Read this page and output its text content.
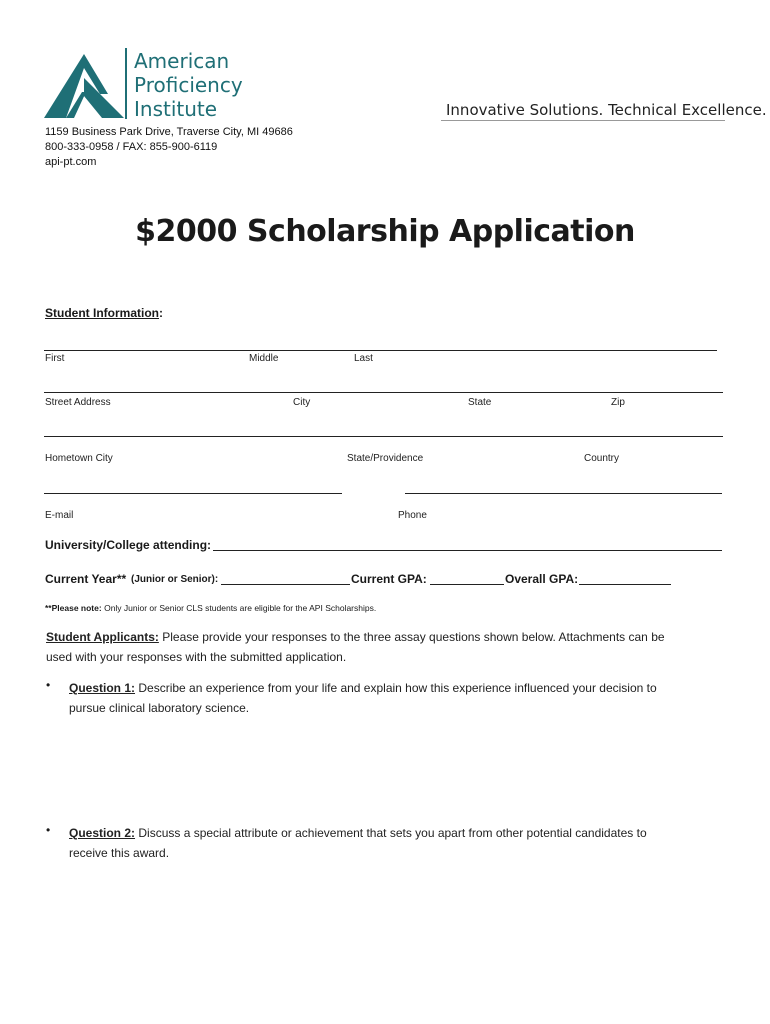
American
Proficiency
Institute	Innovative Solutions. Technical Excellence.
1159 Business Park Drive, Traverse City, MI 49686
800-333-0958 / FAX: 855-900-6119
api-pt.com
$2000 Scholarship Application
Student Information:
First	Middle	Last
Street Address	City	State	Zip
Hometown City	State/Providence	Country
E-mail	Phone
University/College attending:
Current Year** (Junior or Senior):	Current GPA:	Overall GPA:
**Please note: Only Junior or Senior CLS students are eligible for the API Scholarships.
Student Applicants: Please provide your responses to the three assay questions shown below. Attachments can be
used with your responses with the submitted application.
• Question 1: Describe an experience from your life and explain how this experience influenced your decision to
pursue clinical laboratory science.
• Question 2: Discuss a special attribute or achievement that sets you apart from other potential candidates to
receive this award.
